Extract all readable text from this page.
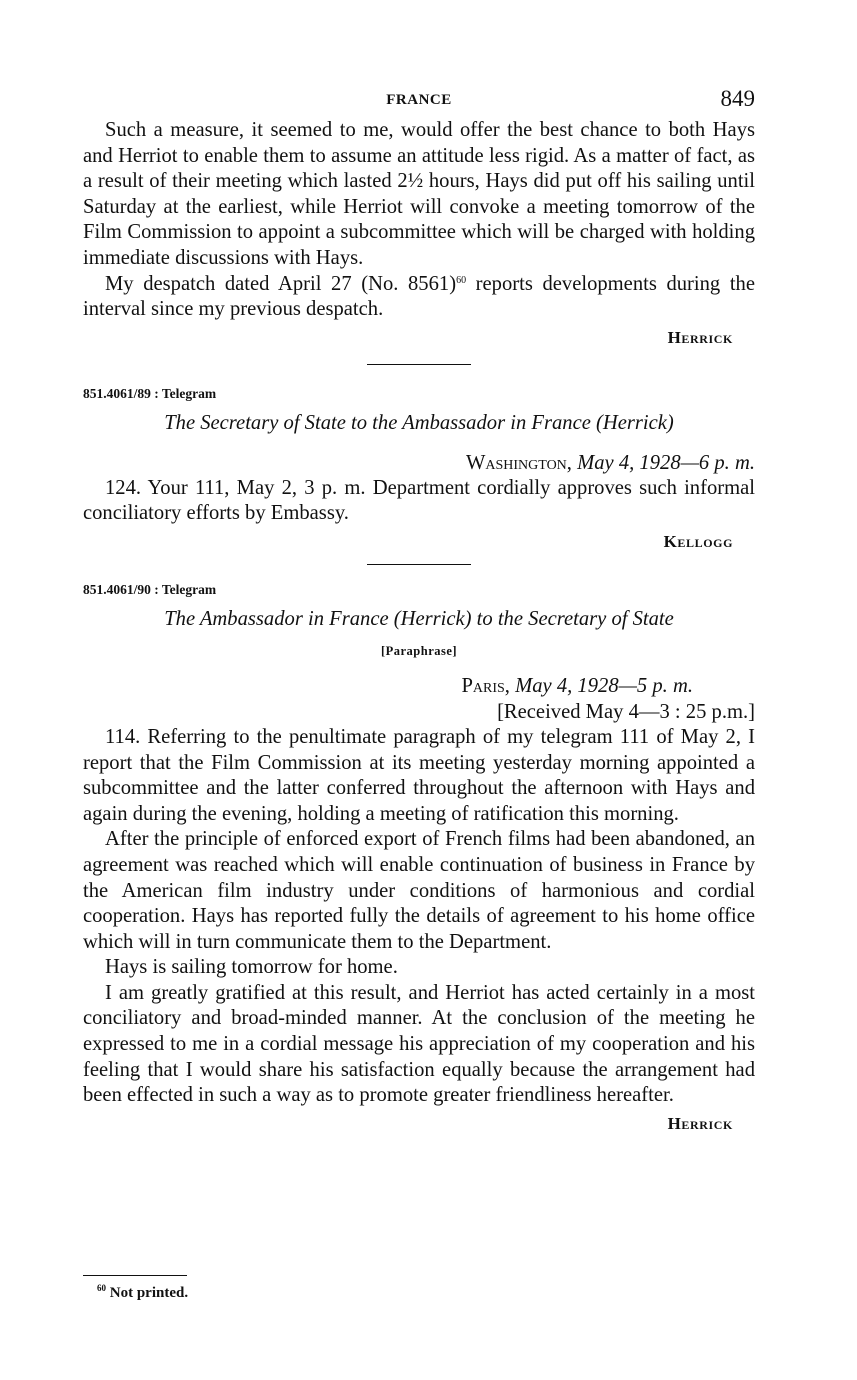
FRANCE	849

Such a measure, it seemed to me, would offer the best chance to both Hays and Herriot to enable them to assume an attitude less rigid. As a matter of fact, as a result of their meeting which lasted 2½ hours, Hays did put off his sailing until Saturday at the earliest, while Herriot will convoke a meeting tomorrow of the Film Commission to appoint a subcommittee which will be charged with holding immediate discussions with Hays.

My despatch dated April 27 (No. 8561)$^{60}$ reports developments during the interval since my previous despatch.

Herrick
851.4061/89 : Telegram
The Secretary of State to the Ambassador in France (Herrick)
Washington, May 4, 1928—6 p. m.

124. Your 111, May 2, 3 p. m. Department cordially approves such informal conciliatory efforts by Embassy.

Kellogg
851.4061/90 : Telegram
The Ambassador in France (Herrick) to the Secretary of State
[Paraphrase]
Paris, May 4, 1928—5 p. m.
[Received May 4—3 : 25 p.m.]

114. Referring to the penultimate paragraph of my telegram 111 of May 2, I report that the Film Commission at its meeting yesterday morning appointed a subcommittee and the latter conferred throughout the afternoon with Hays and again during the evening, holding a meeting of ratification this morning.

After the principle of enforced export of French films had been abandoned, an agreement was reached which will enable continuation of business in France by the American film industry under conditions of harmonious and cordial cooperation. Hays has reported fully the details of agreement to his home office which will in turn communicate them to the Department.

Hays is sailing tomorrow for home.

I am greatly gratified at this result, and Herriot has acted certainly in a most conciliatory and broad-minded manner. At the conclusion of the meeting he expressed to me in a cordial message his appreciation of my cooperation and his feeling that I would share his satisfaction equally because the arrangement had been effected in such a way as to promote greater friendliness hereafter.

Herrick
$^{60}$ Not printed.
